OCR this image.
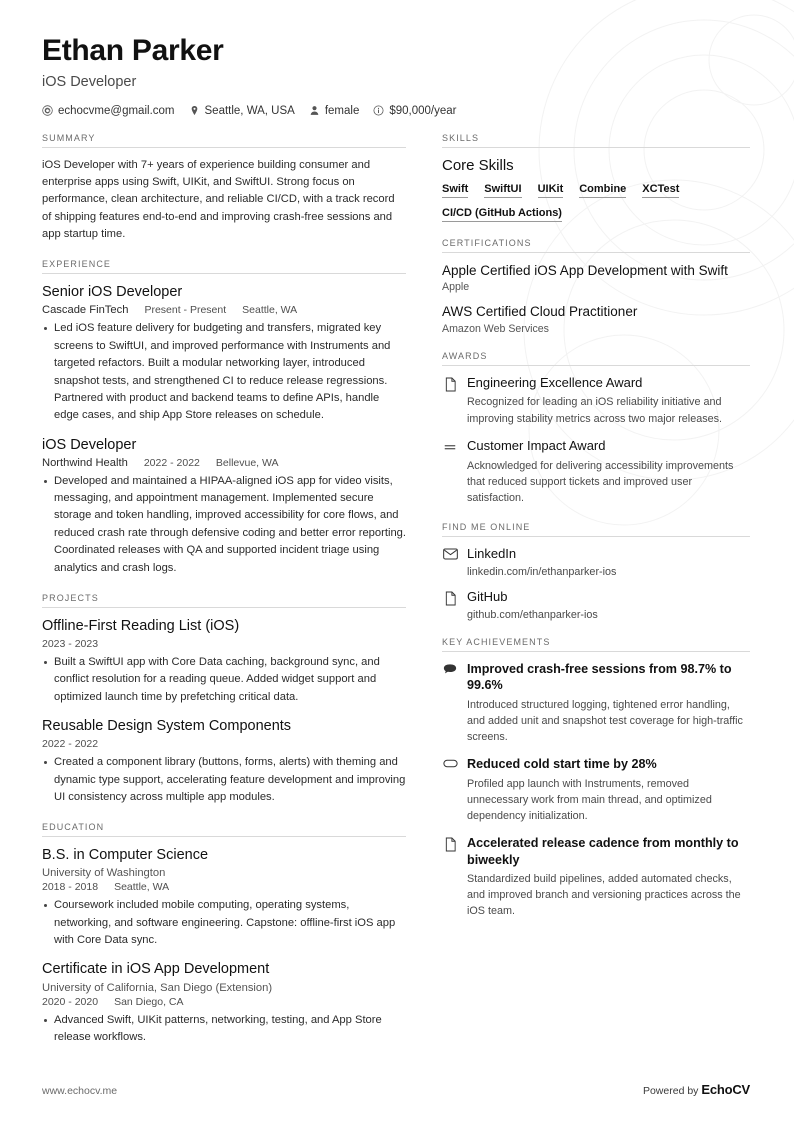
Ethan Parker
iOS Developer
echocvme@gmail.com	Seattle, WA, USA	female	$90,000/year
SUMMARY
iOS Developer with 7+ years of experience building consumer and enterprise apps using Swift, UIKit, and SwiftUI. Strong focus on performance, clean architecture, and reliable CI/CD, with a track record of shipping features end-to-end and improving crash-free sessions and app startup time.
EXPERIENCE
Senior iOS Developer
Cascade FinTech Present - Present Seattle, WA
Led iOS feature delivery for budgeting and transfers, migrated key screens to SwiftUI, and improved performance with Instruments and targeted refactors. Built a modular networking layer, introduced snapshot tests, and strengthened CI to reduce release regressions. Partnered with product and backend teams to define APIs, handle edge cases, and ship App Store releases on schedule.
iOS Developer
Northwind Health 2022 - 2022 Bellevue, WA
Developed and maintained a HIPAA-aligned iOS app for video visits, messaging, and appointment management. Implemented secure storage and token handling, improved accessibility for core flows, and reduced crash rate through defensive coding and better error reporting. Coordinated releases with QA and supported incident triage using analytics and crash logs.
PROJECTS
Offline-First Reading List (iOS)
2023 - 2023
Built a SwiftUI app with Core Data caching, background sync, and conflict resolution for a reading queue. Added widget support and optimized launch time by prefetching critical data.
Reusable Design System Components
2022 - 2022
Created a component library (buttons, forms, alerts) with theming and dynamic type support, accelerating feature development and improving UI consistency across multiple app modules.
EDUCATION
B.S. in Computer Science
University of Washington
2018 - 2018 Seattle, WA
Coursework included mobile computing, operating systems, networking, and software engineering. Capstone: offline-first iOS app with Core Data sync.
Certificate in iOS App Development
University of California, San Diego (Extension)
2020 - 2020 San Diego, CA
Advanced Swift, UIKit patterns, networking, testing, and App Store release workflows.
SKILLS
Core Skills
Swift SwiftUI UIKit Combine XCTest
CI/CD (GitHub Actions)
CERTIFICATIONS
Apple Certified iOS App Development with Swift
Apple
AWS Certified Cloud Practitioner
Amazon Web Services
AWARDS
Engineering Excellence Award
Recognized for leading an iOS reliability initiative and improving stability metrics across two major releases.
Customer Impact Award
Acknowledged for delivering accessibility improvements that reduced support tickets and improved user satisfaction.
FIND ME ONLINE
LinkedIn
linkedin.com/in/ethanparker-ios
GitHub
github.com/ethanparker-ios
KEY ACHIEVEMENTS
Improved crash-free sessions from 98.7% to 99.6%
Introduced structured logging, tightened error handling, and added unit and snapshot test coverage for high-traffic screens.
Reduced cold start time by 28%
Profiled app launch with Instruments, removed unnecessary work from main thread, and optimized dependency initialization.
Accelerated release cadence from monthly to biweekly
Standardized build pipelines, added automated checks, and improved branch and versioning practices across the iOS team.
www.echocv.me	Powered by EchoCV
